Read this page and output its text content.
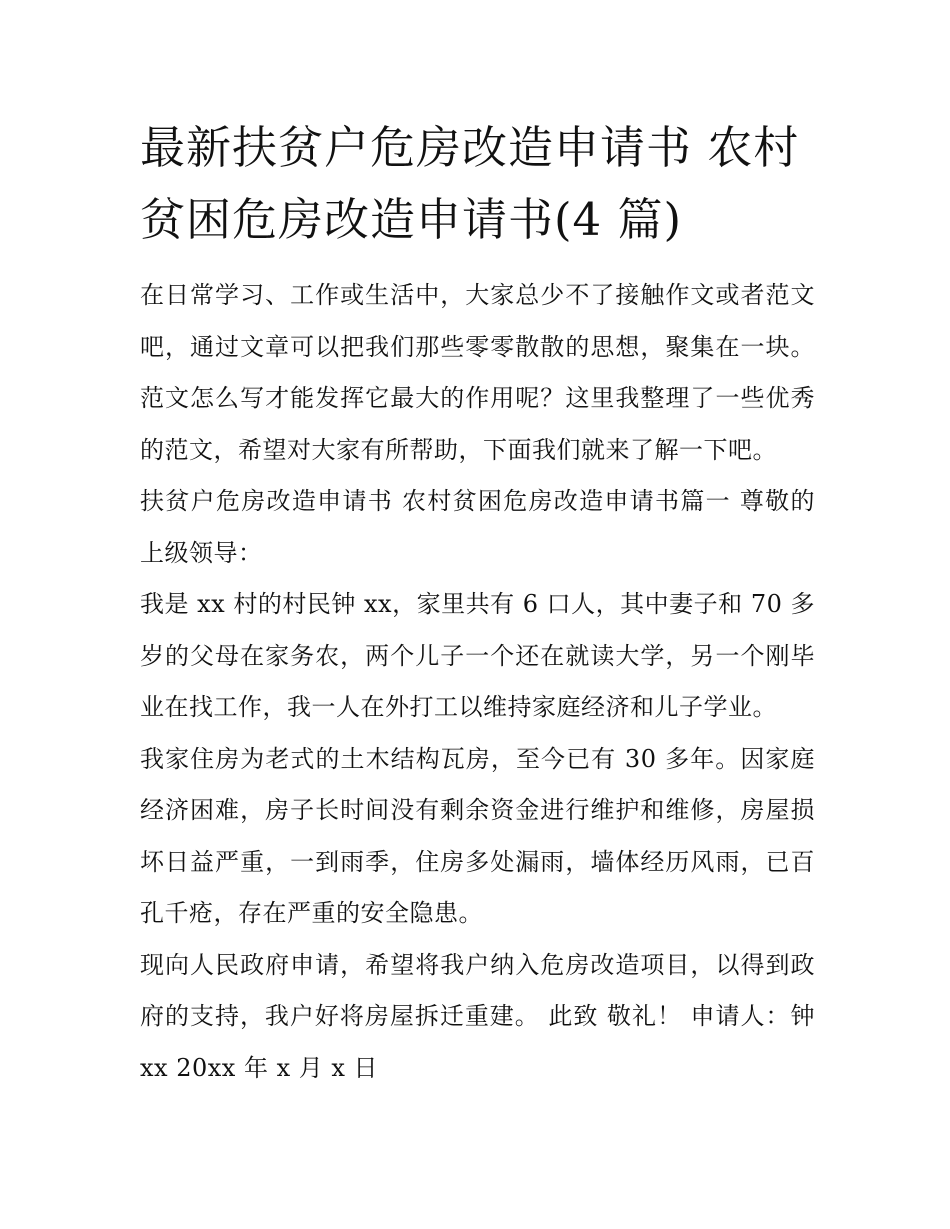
最新扶贫户危房改造申请书 农村贫困危房改造申请书(4 篇)

在日常学习、工作或生活中，大家总少不了接触作文或者范文吧，通过文章可以把我们那些零零散散的思想，聚集在一块。范文怎么写才能发挥它最大的作用呢？这里我整理了一些优秀的范文，希望对大家有所帮助，下面我们就来了解一下吧。

扶贫户危房改造申请书 农村贫困危房改造申请书篇一 尊敬的上级领导：

我是 xx 村的村民钟 xx，家里共有 6 口人，其中妻子和 70 多岁的父母在家务农，两个儿子一个还在就读大学，另一个刚毕业在找工作，我一人在外打工以维持家庭经济和儿子学业。

我家住房为老式的土木结构瓦房，至今已有 30 多年。因家庭经济困难，房子长时间没有剩余资金进行维护和维修，房屋损坏日益严重，一到雨季，住房多处漏雨，墙体经历风雨，已百孔千疮，存在严重的安全隐患。

现向人民政府申请，希望将我户纳入危房改造项目，以得到政府的支持，我户好将房屋拆迁重建。 此致 敬礼！ 申请人：钟 xx 20xx 年 x 月 x 日
